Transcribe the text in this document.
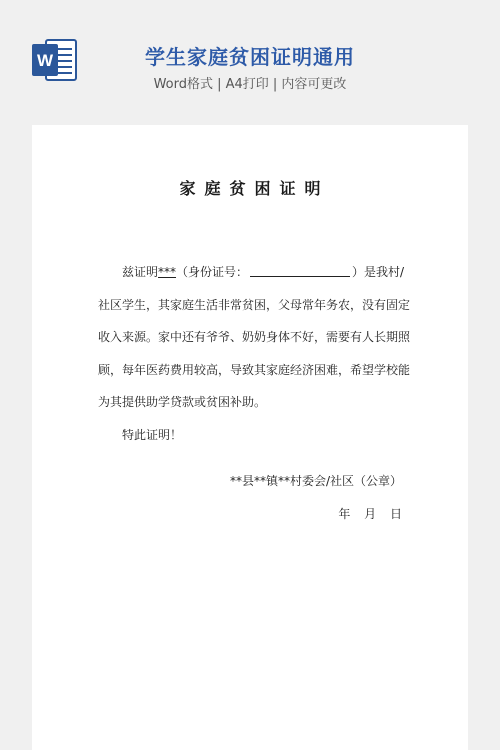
W	学生家庭贫困证明通用
Word格式 | A4打印 | 内容可更改
家庭贫困证明
兹证明***（身份证号：	）是我村/
社区学生，其家庭生活非常贫困，父母常年务农，没有固定
收入来源。家中还有爷爷、奶奶身体不好，需要有人长期照
顾，每年医药费用较高，导致其家庭经济困难，希望学校能
为其提供助学贷款或贫困补助。
特此证明！
**县**镇**村委会/社区（公章）
年 月 日
